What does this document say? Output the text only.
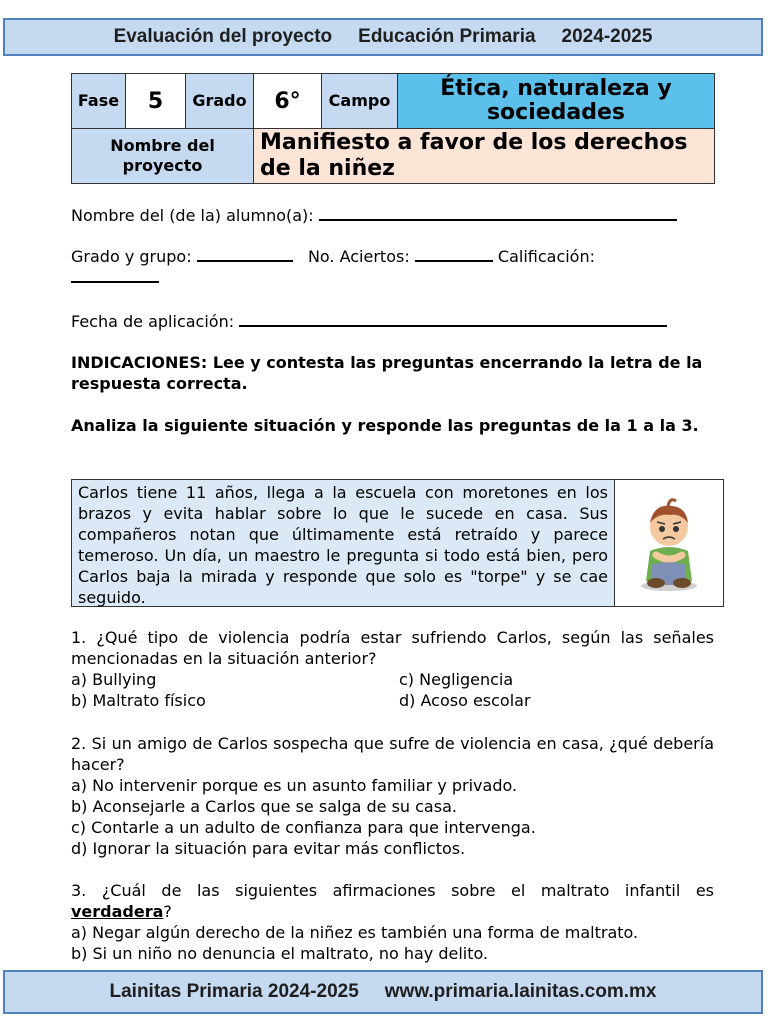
Evaluación del proyecto Educación Primaria 2024-2025
Fase	5	Grado	6°	Campo	Ética, naturaleza y sociedades
Nombre del proyecto			Manifiesto a favor de los derechos de la niñez		

Nombre del (de la) alumno(a):

Grado y grupo:	No. Aciertos:	Calificación:

Fecha de aplicación:

INDICACIONES: Lee y contesta las preguntas encerrando la letra de la respuesta correcta.

Analiza la siguiente situación y responde las preguntas de la 1 a la 3.

Carlos tiene 11 años, llega a la escuela con moretones en los brazos y evita hablar sobre lo que le sucede en casa. Sus compañeros notan que últimamente está retraído y parece temeroso. Un día, un maestro le pregunta si todo está bien, pero Carlos baja la mirada y responde que solo es "torpe" y se cae seguido.

1. ¿Qué tipo de violencia podría estar sufriendo Carlos, según las señales mencionadas en la situación anterior?

a) Bullying	c) Negligencia
b) Maltrato físico	d) Acoso escolar

2. Si un amigo de Carlos sospecha que sufre de violencia en casa, ¿qué debería hacer?

a) No intervenir porque es un asunto familiar y privado.
b) Aconsejarle a Carlos que se salga de su casa.
c) Contarle a un adulto de confianza para que intervenga.
d) Ignorar la situación para evitar más conflictos.

3. ¿Cuál de las siguientes afirmaciones sobre el maltrato infantil es verdadera?

a) Negar algún derecho de la niñez es también una forma de maltrato.
b) Si un niño no denuncia el maltrato, no hay delito.
Lainitas Primaria 2024-2025 www.primaria.lainitas.com.mx
